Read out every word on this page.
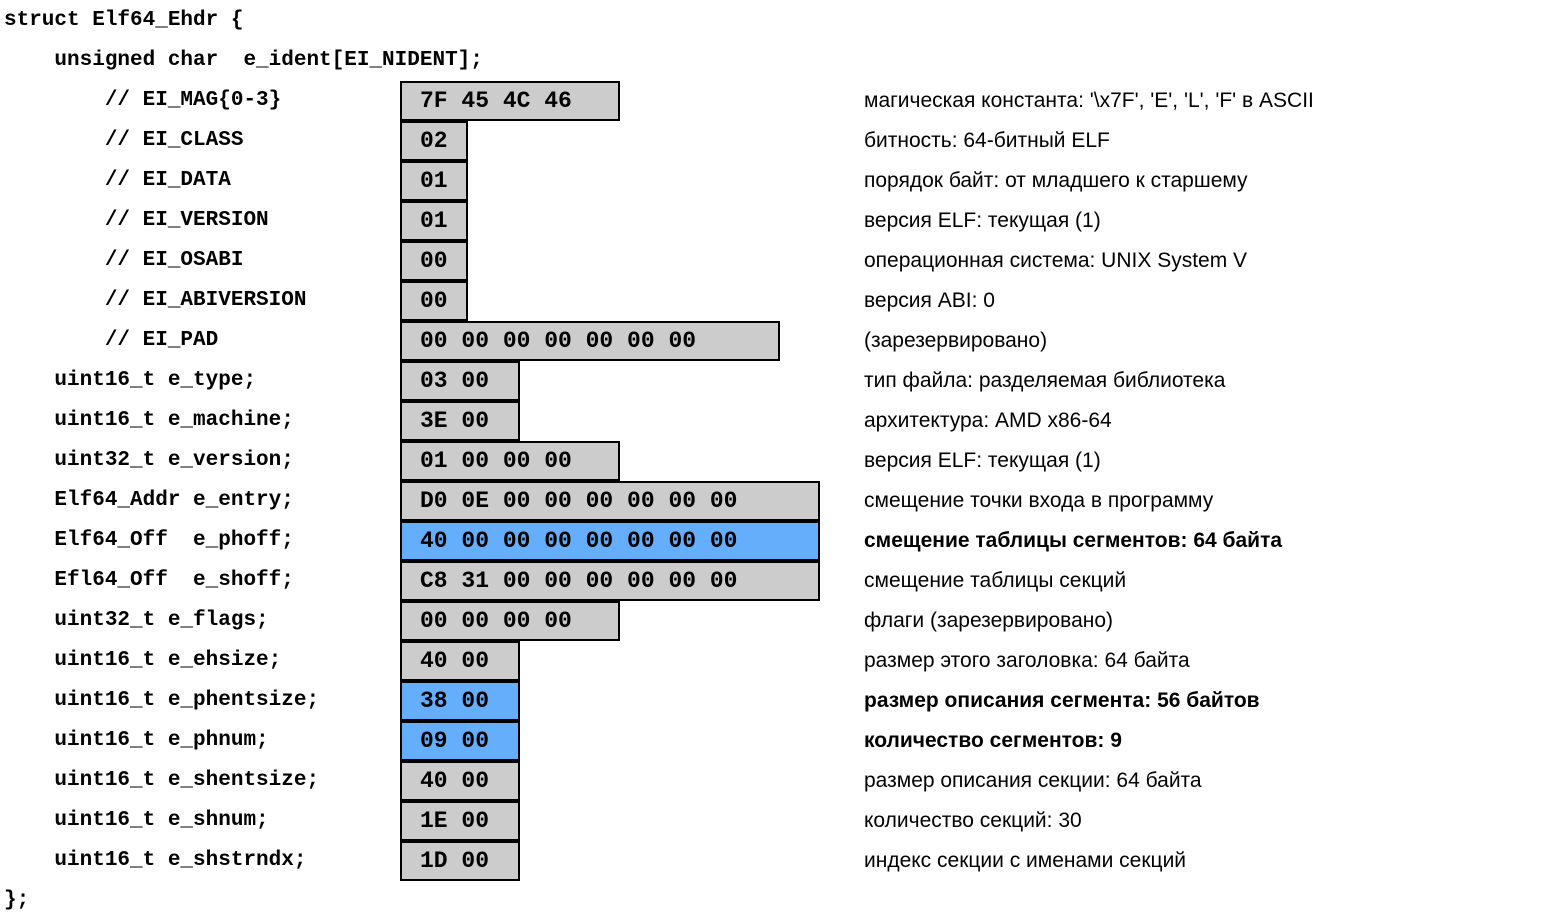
struct Elf64_Ehdr {
unsigned char  e_ident[EI_NIDENT];
// EI_MAG{0-3}	7F 45 4C 46	магическая константа: '\x7F', 'E', 'L', 'F' в ASCII
// EI_CLASS	02	битность: 64-битный ELF
// EI_DATA	01	порядок байт: от младшего к старшему
// EI_VERSION	01	версия ELF: текущая (1)
// EI_OSABI	00	операционная система: UNIX System V
// EI_ABIVERSION	00	версия ABI: 0
// EI_PAD	00 00 00 00 00 00 00	(зарезервировано)
uint16_t e_type;	03 00	тип файла: разделяемая библиотека
uint16_t e_machine;	3E 00	архитектура: AMD x86-64
uint32_t e_version;	01 00 00 00	версия ELF: текущая (1)
Elf64_Addr e_entry;	D0 0E 00 00 00 00 00 00	смещение точки входа в программу
Elf64_Off  e_phoff;	40 00 00 00 00 00 00 00	смещение таблицы сегментов: 64 байта
Efl64_Off  e_shoff;	C8 31 00 00 00 00 00 00	смещение таблицы секций
uint32_t e_flags;	00 00 00 00	флаги (зарезервировано)
uint16_t e_ehsize;	40 00	размер этого заголовка: 64 байта
uint16_t e_phentsize;	38 00	размер описания сегмента: 56 байтов
uint16_t e_phnum;	09 00	количество сегментов: 9
uint16_t e_shentsize;	40 00	размер описания секции: 64 байта
uint16_t e_shnum;	1E 00	количество секций: 30
uint16_t e_shstrndx;	1D 00	индекс секции с именами секций
};
